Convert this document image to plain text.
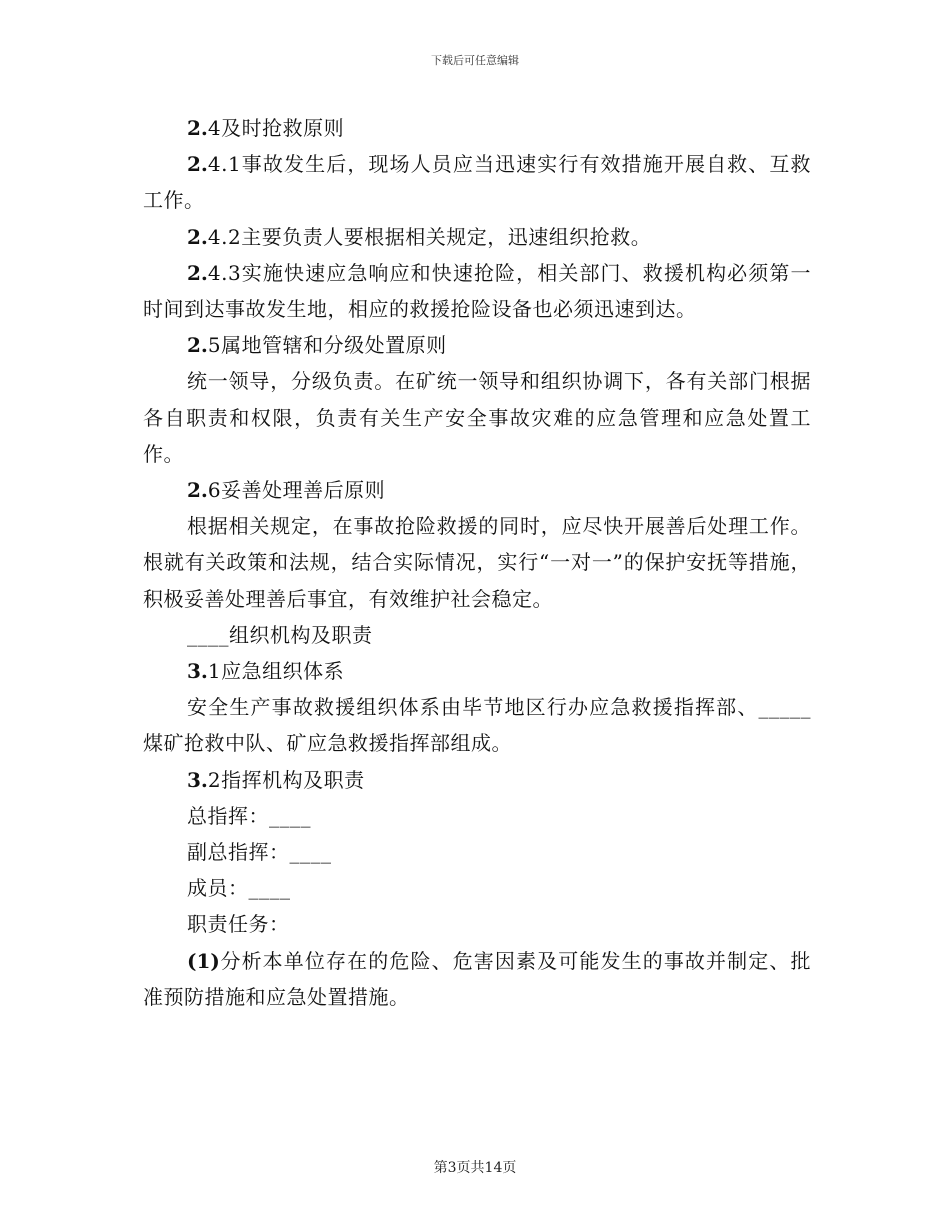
下载后可任意编辑

2.4及时抢救原则

2.4.1事故发生后，现场人员应当迅速实行有效措施开展自救、互救工作。

2.4.2主要负责人要根据相关规定，迅速组织抢救。

2.4.3实施快速应急响应和快速抢险，相关部门、救援机构必须第一时间到达事故发生地，相应的救援抢险设备也必须迅速到达。

2.5属地管辖和分级处置原则

统一领导，分级负责。在矿统一领导和组织协调下，各有关部门根据各自职责和权限，负责有关生产安全事故灾难的应急管理和应急处置工作。

2.6妥善处理善后原则

根据相关规定，在事故抢险救援的同时，应尽快开展善后处理工作。根就有关政策和法规，结合实际情况，实行“一对一”的保护安抚等措施，积极妥善处理善后事宜，有效维护社会稳定。

____组织机构及职责

3.1应急组织体系

安全生产事故救援组织体系由毕节地区行办应急救援指挥部、_____煤矿抢救中队、矿应急救援指挥部组成。

3.2指挥机构及职责

总指挥：____

副总指挥：____

成员：____

职责任务：

(1)分析本单位存在的危险、危害因素及可能发生的事故并制定、批准预防措施和应急处置措施。

第3页共14页
